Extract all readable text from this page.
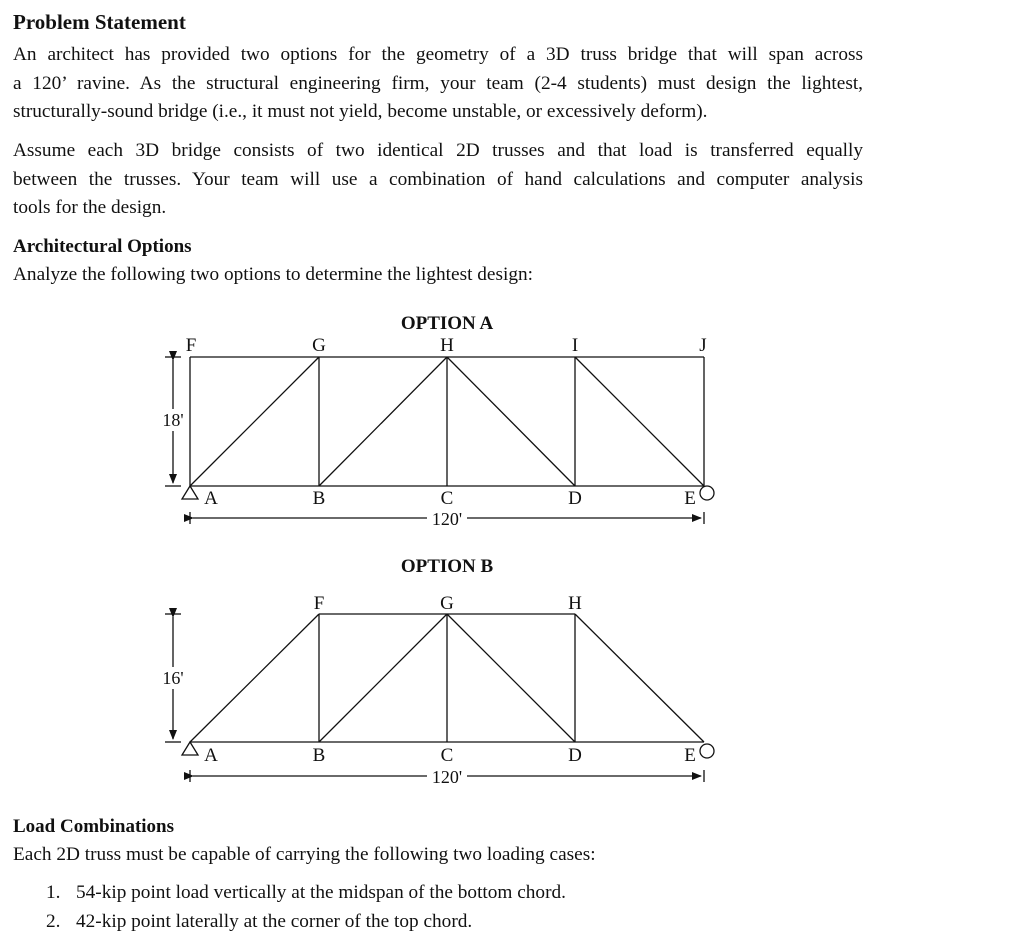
Problem Statement
An architect has provided two options for the geometry of a 3D truss bridge that will span across
a 120’ ravine. As the structural engineering firm, your team (2-4 students) must design the lightest,
structurally-sound bridge (i.e., it must not yield, become unstable, or excessively deform).
Assume each 3D bridge consists of two identical 2D trusses and that load is transferred equally
between the trusses. Your team will use a combination of hand calculations and computer analysis
tools for the design.
Architectural Options
Analyze the following two options to determine the lightest design:
Load Combinations
Each 2D truss must be capable of carrying the following two loading cases:
1. 54-kip point load vertically at the midspan of the bottom chord.
2. 42-kip point laterally at the corner of the top chord.
OPTION A
18'
120'
F	G	H	I	J
A	B	C	D	E
OPTION B
16'
120'
F	G	H
A	B	C	D	E
